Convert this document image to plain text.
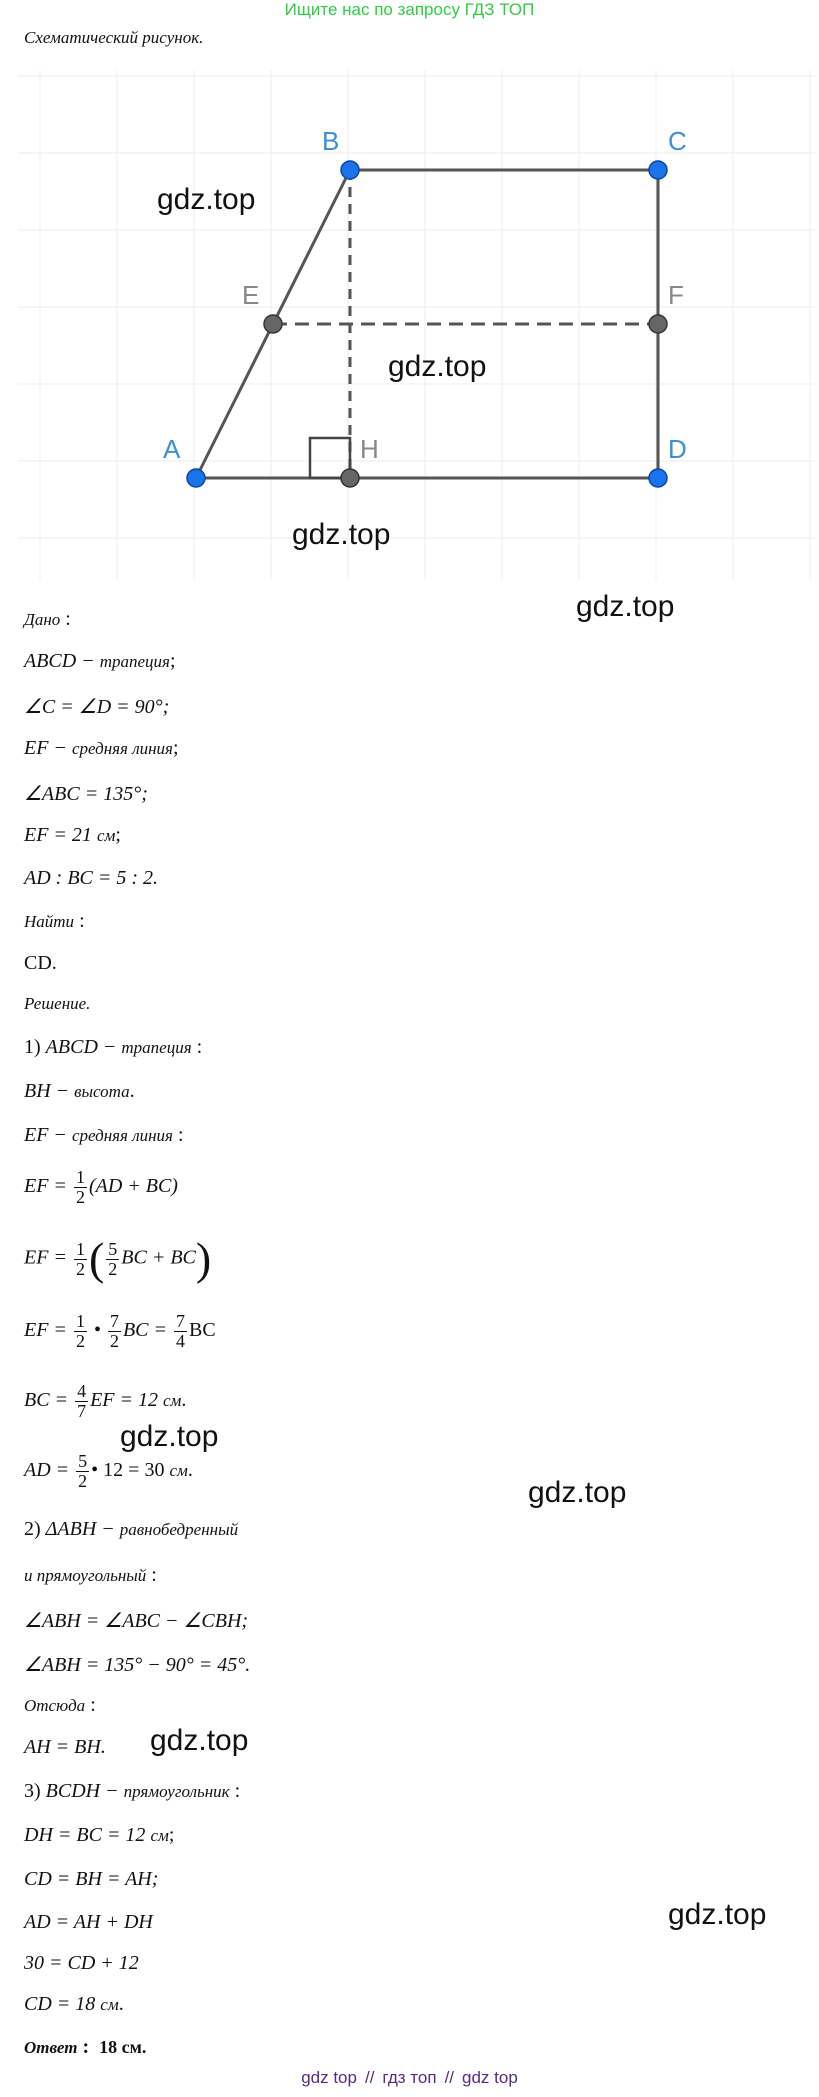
Ищите нас по запросу ГДЗ ТОП
Схематический рисунок.
B	C
A	D
E	F
H
gdz.top
gdz.top
gdz.top
gdz.top
gdz.top
gdz.top
gdz.top
gdz.top
Дано :
ABCD − трапеция;
∠C = ∠D = 90°;
EF − средняя линия;
∠ABC = 135°;
EF = 21 см;
AD : BC = 5 : 2.
Найти :
CD.
Решение.
1) ABCD − трапеция :
BH − высота.
EF − средняя линия :
EF = $\frac{1}{2} (AD + BC)$
EF = $\frac{1}{2}$ ( $\frac{5}{2}$ BC + BC)
EF = $\frac{1}{2}$ • $\frac{7}{2}$ BC = $\frac{7}{4}$ BC
BC = $\frac{4}{7}$ EF = 12 см.
AD = $\frac{5}{2}$ • 12 = 30 см.
2) ΔABH − равнобедренный
и прямоугольный :
∠ABH = ∠ABC − ∠CBH;
∠ABH = 135° − 90° = 45°.
Отсюда :
AH = BH.
3) BCDH − прямоугольник :
DH = BC = 12 см;
CD = BH = AH;
AD = AH + DH
30 = CD + 12
CD = 18 см.
Ответ :  18 см.
gdz top // гдз топ // gdz top
